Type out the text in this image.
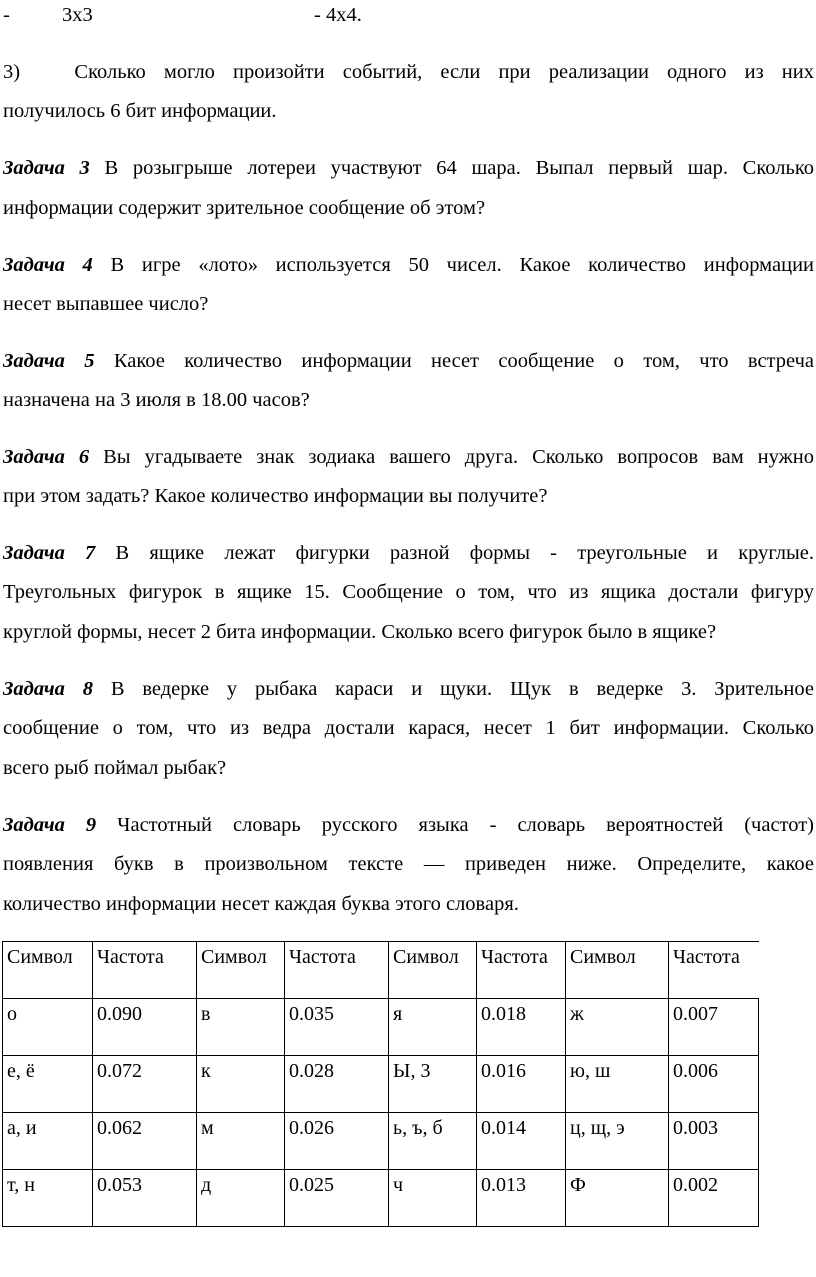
-	3x3	- 4x4.
3)	Сколько могло произойти событий, если при реализации одного из них
получилось 6 бит информации.
Задача 3 В розыгрыше лотереи участвуют 64 шара. Выпал первый шар. Сколько
информации содержит зрительное сообщение об этом?
Задача 4 В игре «лото» используется 50 чисел. Какое количество информации
несет выпавшее число?
Задача 5 Какое количество информации несет сообщение о том, что встреча
назначена на 3 июля в 18.00 часов?
Задача 6 Вы угадываете знак зодиака вашего друга. Сколько вопросов вам нужно
при этом задать? Какое количество информации вы получите?
Задача 7 В ящике лежат фигурки разной формы - треугольные и круглые.
Треугольных фигурок в ящике 15. Сообщение о том, что из ящика достали фигуру
круглой формы, несет 2 бита информации. Сколько всего фигурок было в ящике?
Задача 8 В ведерке у рыбака караси и щуки. Щук в ведерке 3. Зрительное
сообщение о том, что из ведра достали карася, несет 1 бит информации. Сколько
всего рыб поймал рыбак?
Задача 9 Частотный словарь русского языка - словарь вероятностей (частот)
появления букв в произвольном тексте — приведен ниже. Определите, какое
количество информации несет каждая буква этого словаря.
Символ	Частота	Символ	Частота	Символ	Частота	Символ	Частота
о	0.090	в	0.035	я	0.018	ж	0.007
е, ё	0.072	к	0.028	Ы, 3	0.016	ю, ш	0.006
а, и	0.062	м	0.026	ь, ъ, б	0.014	ц, щ, э	0.003
т, н	0.053	д	0.025	ч	0.013	Ф	0.002
